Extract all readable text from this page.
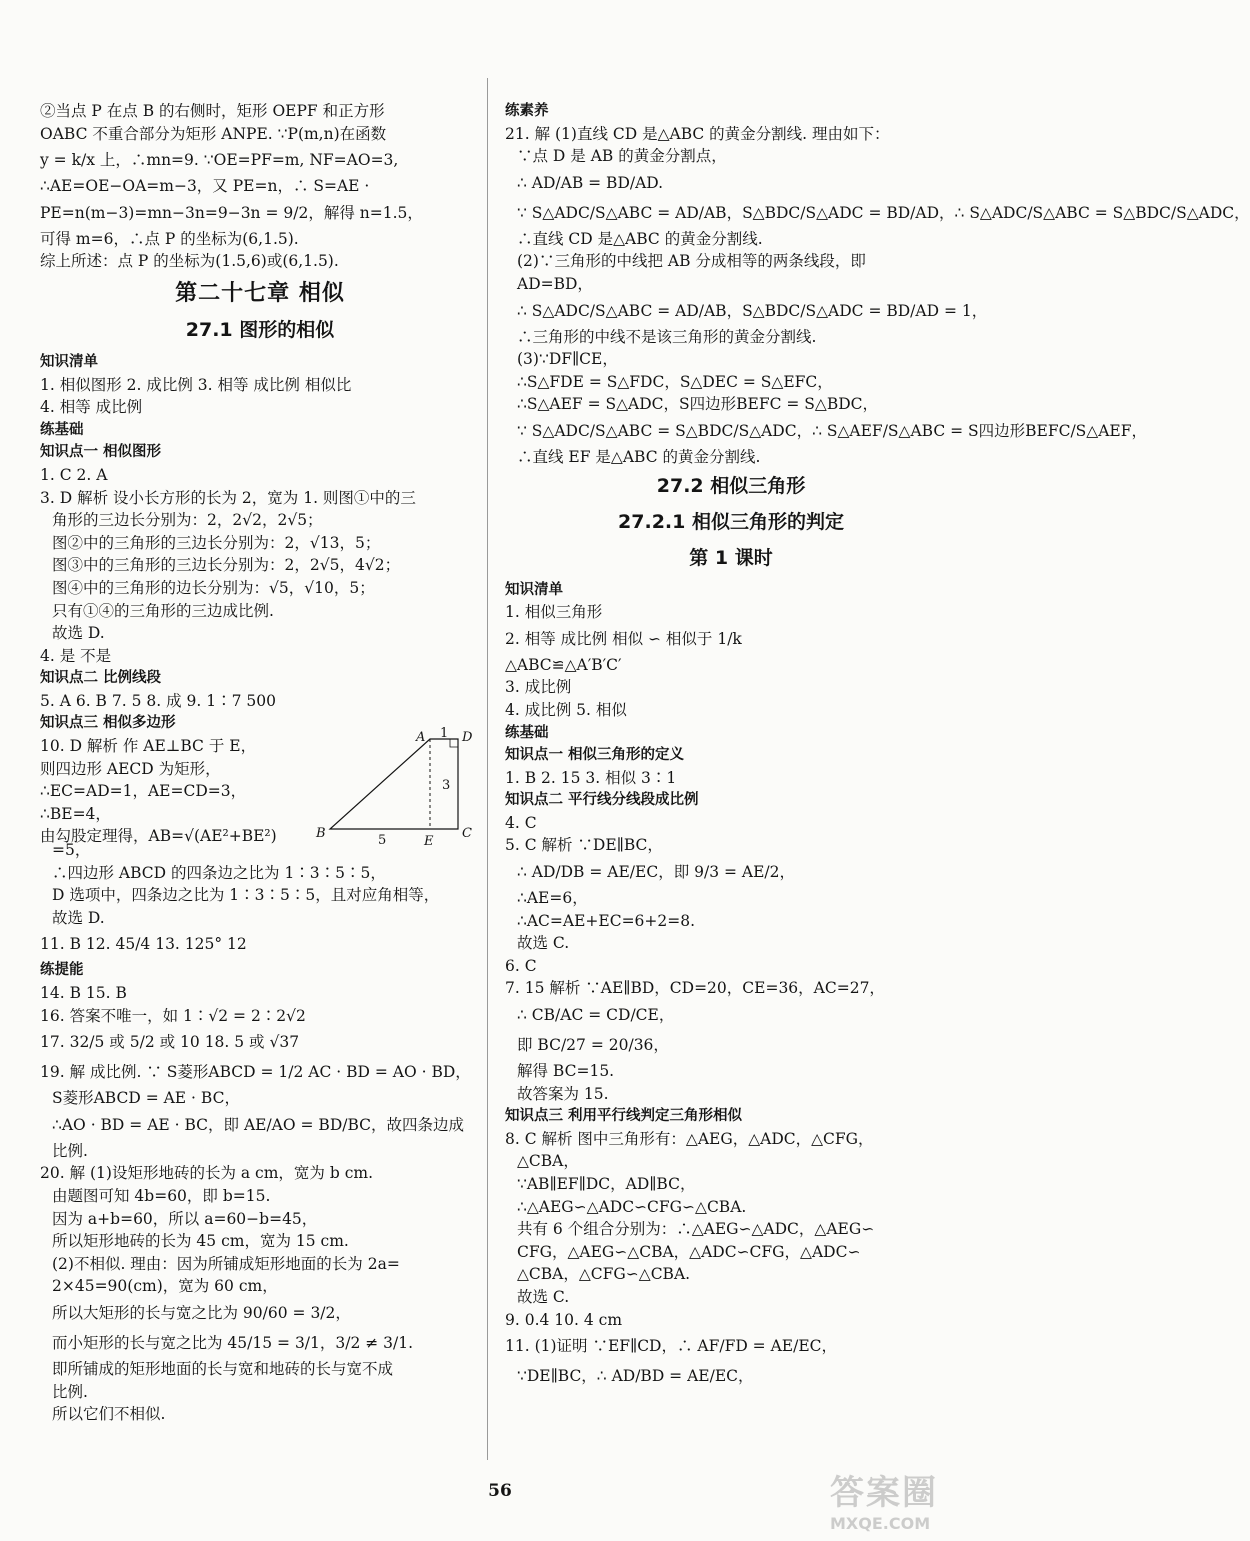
②当点 P 在点 B 的右侧时，矩形 OEPF 和正方形
OABC 不重合部分为矩形 ANPE. ∵P(m,n)在函数
y = k/x 上，∴mn=9. ∵OE=PF=m, NF=AO=3,
∴AE=OE−OA=m−3，又 PE=n，∴ S=AE ·
PE=n(m−3)=mn−3n=9−3n = 9/2，解得 n=1.5，
可得 m=6，∴点 P 的坐标为(6,1.5).
综上所述：点 P 的坐标为(1.5,6)或(6,1.5).
第二十七章 相似
27.1 图形的相似
知识清单
1. 相似图形 2. 成比例 3. 相等 成比例 相似比
4. 相等 成比例
练基础
知识点一 相似图形
1. C 2. A
3. D 解析 设小长方形的长为 2，宽为 1. 则图①中的三
角形的三边长分别为：2，2√2，2√5；
图②中的三角形的三边长分别为：2，√13，5；
图③中的三角形的三边长分别为：2，2√5，4√2；
图④中的三角形的边长分别为：√5，√10，5；
只有①④的三角形的三边成比例.
故选 D.
4. 是 不是
知识点二 比例线段
5. A 6. B 7. 5 8. 成 9. 1∶7 500
知识点三 相似多边形
10. D 解析 作 AE⊥BC 于 E，
则四边形 AECD 为矩形，
∴EC=AD=1，AE=CD=3，
∴BE=4，
由勾股定理得，AB=√(AE²+BE²)
A	D
B
E
C
1
3
5
=5，
∴四边形 ABCD 的四条边之比为 1∶3∶5∶5，
D 选项中，四条边之比为 1∶3∶5∶5，且对应角相等，
故选 D.
11. B 12. 45/4 13. 125° 12
练提能
14. B 15. B
16. 答案不唯一，如 1∶√2 = 2∶2√2
17. 32/5 或 5/2 或 10 18. 5 或 √37
19. 解 成比例. ∵ S菱形ABCD = 1/2 AC · BD = AO · BD，
S菱形ABCD = AE · BC，
∴AO · BD = AE · BC，即 AE/AO = BD/BC，故四条边成
比例.
20. 解 (1)设矩形地砖的长为 a cm，宽为 b cm.
由题图可知 4b=60，即 b=15.
因为 a+b=60，所以 a=60−b=45，
所以矩形地砖的长为 45 cm，宽为 15 cm.
(2)不相似. 理由：因为所铺成矩形地面的长为 2a=
2×45=90(cm)，宽为 60 cm，
所以大矩形的长与宽之比为 90/60 = 3/2，
而小矩形的长与宽之比为 45/15 = 3/1，3/2 ≠ 3/1.
即所铺成的矩形地面的长与宽和地砖的长与宽不成
比例.
所以它们不相似.
练素养
21. 解 (1)直线 CD 是△ABC 的黄金分割线. 理由如下：
∵点 D 是 AB 的黄金分割点，
∴ AD/AB = BD/AD.
∵ S△ADC/S△ABC = AD/AB，S△BDC/S△ADC = BD/AD，∴ S△ADC/S△ABC = S△BDC/S△ADC，
∴直线 CD 是△ABC 的黄金分割线.
(2)∵三角形的中线把 AB 分成相等的两条线段，即
AD=BD，
∴ S△ADC/S△ABC = AD/AB，S△BDC/S△ADC = BD/AD = 1，
∴三角形的中线不是该三角形的黄金分割线.
(3)∵DF∥CE，
∴S△FDE = S△FDC，S△DEC = S△EFC，
∴S△AEF = S△ADC，S四边形BEFC = S△BDC，
∵ S△ADC/S△ABC = S△BDC/S△ADC，∴ S△AEF/S△ABC = S四边形BEFC/S△AEF，
∴直线 EF 是△ABC 的黄金分割线.
27.2 相似三角形
27.2.1 相似三角形的判定
第 1 课时
知识清单
1. 相似三角形
2. 相等 成比例 相似 ∽ 相似于 1/k
△ABC≌△A′B′C′
3. 成比例
4. 成比例 5. 相似
练基础
知识点一 相似三角形的定义
1. B 2. 15 3. 相似 3∶1
知识点二 平行线分线段成比例
4. C
5. C 解析 ∵DE∥BC，
∴ AD/DB = AE/EC，即 9/3 = AE/2，
∴AE=6，
∴AC=AE+EC=6+2=8.
故选 C.
6. C
7. 15 解析 ∵AE∥BD，CD=20，CE=36，AC=27，
∴ CB/AC = CD/CE，
即 BC/27 = 20/36，
解得 BC=15.
故答案为 15.
知识点三 利用平行线判定三角形相似
8. C 解析 图中三角形有：△AEG，△ADC，△CFG，
△CBA，
∵AB∥EF∥DC，AD∥BC，
∴△AEG∽△ADC∽CFG∽△CBA.
共有 6 个组合分别为：∴△AEG∽△ADC，△AEG∽
CFG，△AEG∽△CBA，△ADC∽CFG，△ADC∽
△CBA，△CFG∽△CBA.
故选 C.
9. 0.4 10. 4 cm
11. (1)证明 ∵EF∥CD，∴ AF/FD = AE/EC，
∵DE∥BC，∴ AD/BD = AE/EC，
56	答案圈
MXQE.COM
